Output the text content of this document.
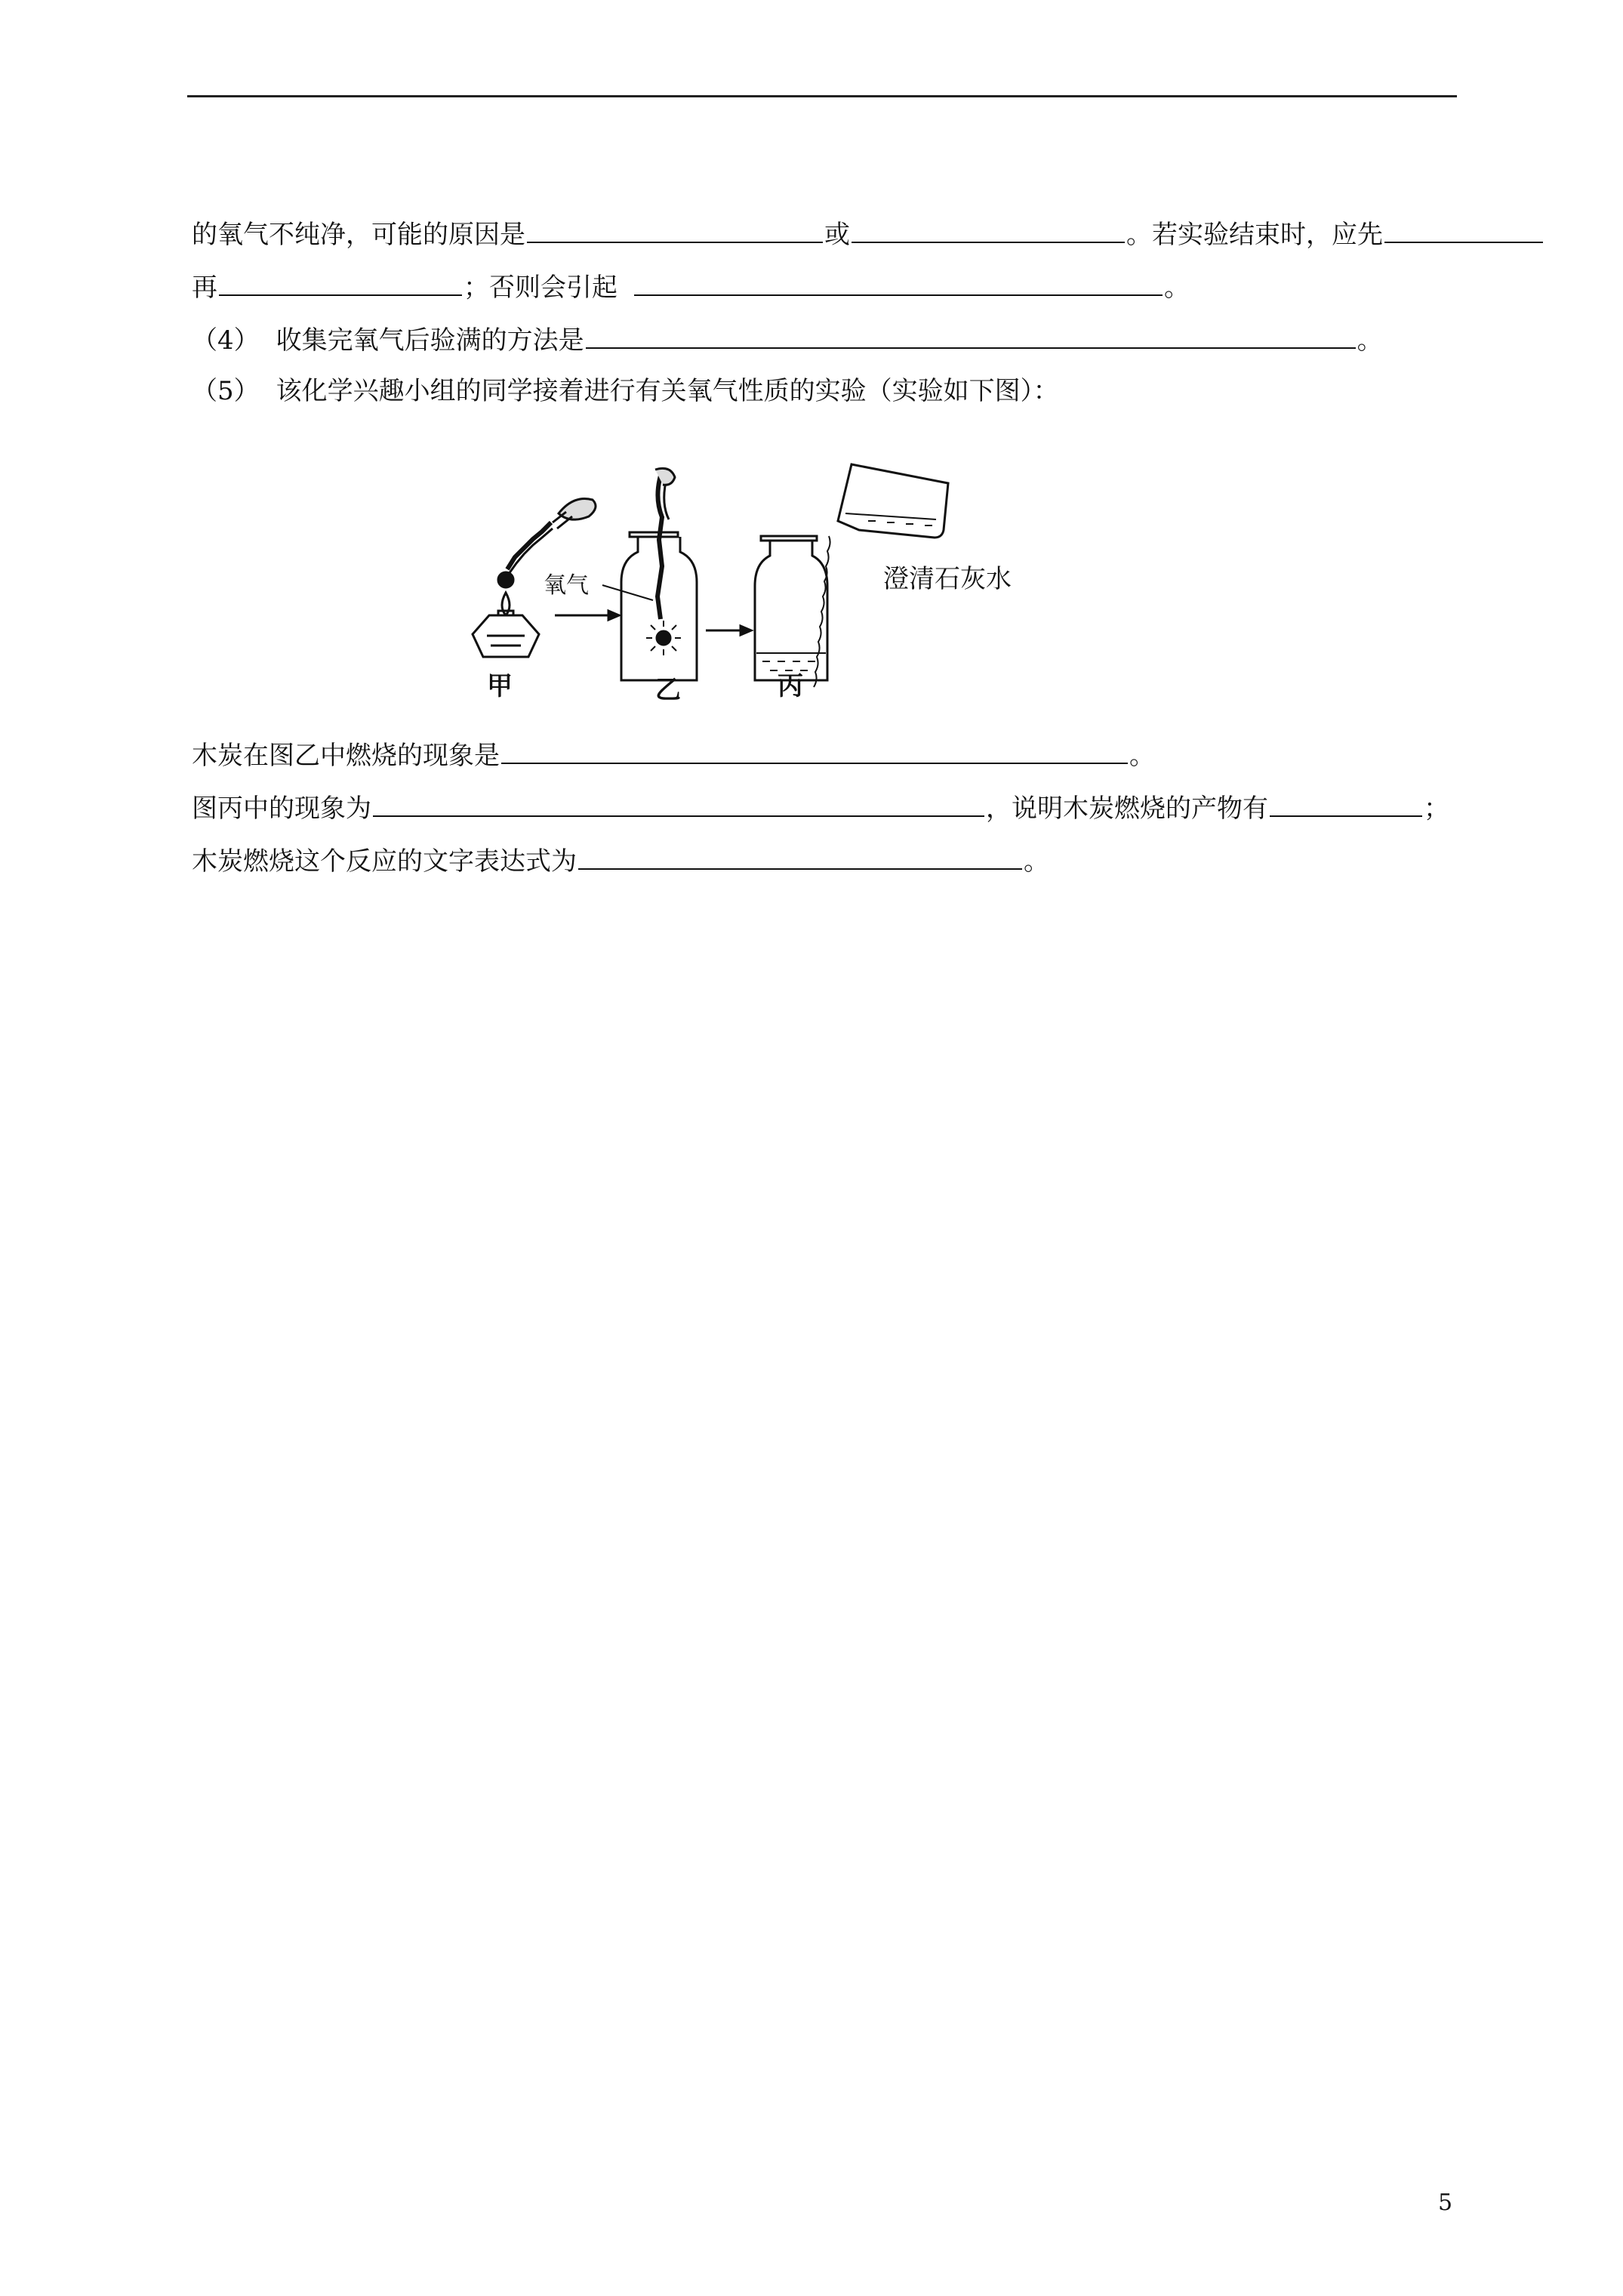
的氧气不纯净，可能的原因是	或	。若实验结束时，应先
再	；否则会引起	。
（4） 收集完氧气后验满的方法是	。
（5） 该化学兴趣小组的同学接着进行有关氧气性质的实验（实验如下图）：
甲	乙	丙
氧气	澄清石灰水
木炭在图乙中燃烧的现象是	。
图丙中的现象为	，说明木炭燃烧的产物有	；
木炭燃烧这个反应的文字表达式为	。
5
